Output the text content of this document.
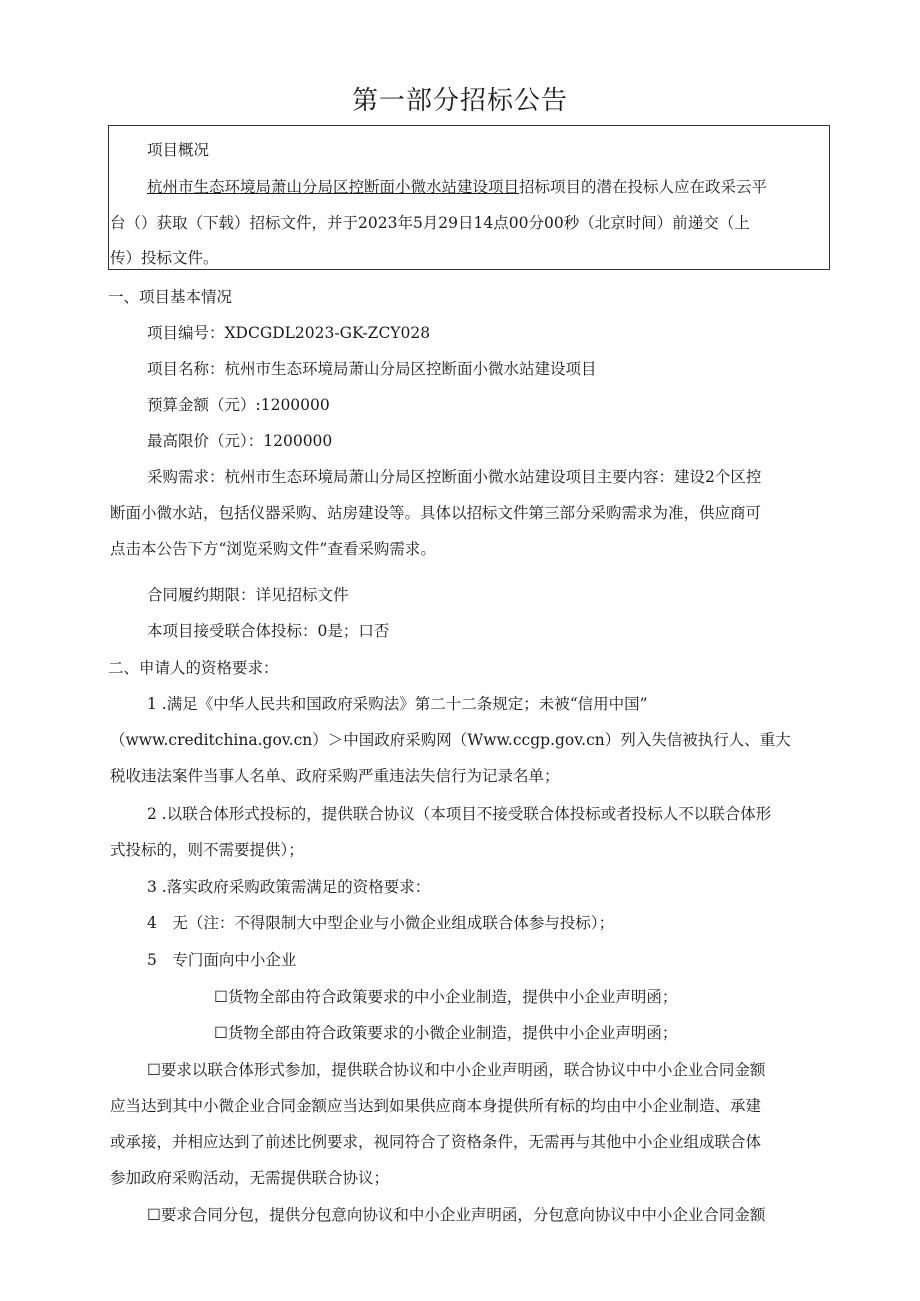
第一部分招标公告
项目概况
杭州市生态环境局萧山分局区控断面小微水站建设项目招标项目的潜在投标人应在政采云平
台（）获取（下载）招标文件，并于2023年5月29日14点00分00秒（北京时间）前递交（上
传）投标文件。
一、项目基本情况
项目编号：XDCGDL2023-GK-ZCY028
项目名称：杭州市生态环境局萧山分局区控断面小微水站建设项目
预算金额（元）:1200000
最高限价（元）：1200000
采购需求：杭州市生态环境局萧山分局区控断面小微水站建设项目主要内容：建设2个区控
断面小微水站，包括仪器采购、站房建设等。具体以招标文件第三部分采购需求为准，供应商可
点击本公告下方“浏览采购文件”查看采购需求。
合同履约期限：详见招标文件
本项目接受联合体投标：0是；口否
二、申请人的资格要求：
1 .满足《中华人民共和国政府采购法》第二十二条规定；未被“信用中国”
（www.creditchina.gov.cn）＞中国政府采购网（Www.ccgp.gov.cn）列入失信被执行人、重大
税收违法案件当事人名单、政府采购严重违法失信行为记录名单；
2 .以联合体形式投标的，提供联合协议（本项目不接受联合体投标或者投标人不以联合体形
式投标的，则不需要提供）；
3 .落实政府采购政策需满足的资格要求：
4　无（注：不得限制大中型企业与小微企业组成联合体参与投标）；
5　专门面向中小企业
☐货物全部由符合政策要求的中小企业制造，提供中小企业声明函；
☐货物全部由符合政策要求的小微企业制造，提供中小企业声明函；
☐要求以联合体形式参加，提供联合协议和中小企业声明函，联合协议中中小企业合同金额
应当达到其中小微企业合同金额应当达到如果供应商本身提供所有标的均由中小企业制造、承建
或承接，并相应达到了前述比例要求，视同符合了资格条件，无需再与其他中小企业组成联合体
参加政府采购活动，无需提供联合协议；
☐要求合同分包，提供分包意向协议和中小企业声明函，分包意向协议中中小企业合同金额
